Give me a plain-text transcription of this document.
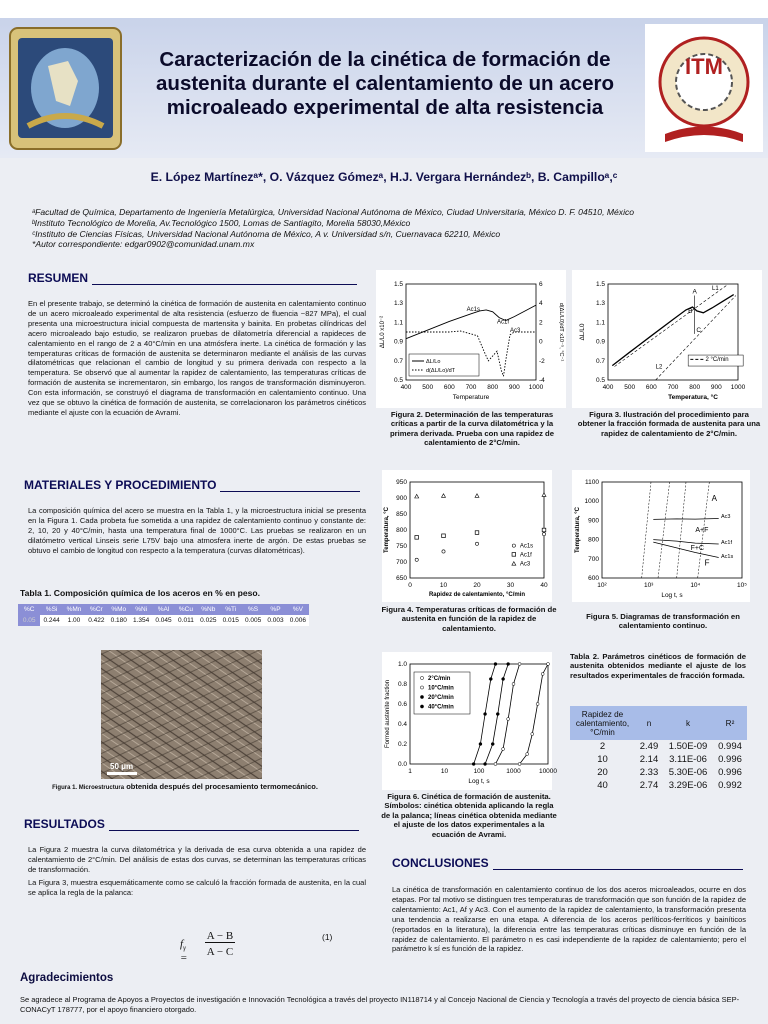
Caracterización de la cinética de formación de austenita durante el calentamiento de un acero microaleado experimental de alta resistencia
ITM
E. López Martínezᵃ*, O. Vázquez Gómezᵃ, H.J. Vergara Hernándezᵇ, B. Campilloᵃ,ᶜ
ᵃFacultad de Química, Departamento de Ingeniería Metalúrgica, Universidad Nacional Autónoma de México, Ciudad Universitaria, México D. F. 04510, México
ᵇInstituto Tecnológico de Morelia, Av.Tecnológico 1500, Lomas de Santiagito, Morelia 58030,México
ᶜInstituto de Ciencias Físicas, Universidad Nacional Autónoma de México, A v. Universidad s/n, Cuernavaca 62210, México
*Autor correspondiente: edgar0902@comunidad.unam.mx
RESUMEN
En el presente trabajo, se determinó la cinética de formación de austenita en calentamiento continuo de un acero microaleado experimental de alta resistencia (esfuerzo de fluencia ~827 MPa), el cual presenta una microestructura inicial compuesta de martensita y bainita. En probetas cilíndricas del acero microaleado bajo estudio, se realizaron pruebas de dilatometría diferencial a rapideces de calentamiento en el rango de 2 a 40°C/min en una atmósfera inerte. La cinética de formación y las temperaturas críticas de formación de austenita se determinaron mediante el análisis de las curvas dilatométricas que relacionan el cambio de longitud y su primera derivada con respecto a la temperatura. Se observó que al aumentar la rapidez de calentamiento, las temperaturas críticas de formación de austenita se incrementaron, sin embargo, los rangos de transformación disminuyeron. Con esta información, se construyó el diagrama de transformación en calentamiento continuo. Una vez que se obtuvo la cinética de formación de austenita, se correlacionaron los parámetros cinéticos mediante el ajuste con la ecuación de Avrami.
MATERIALES Y PROCEDIMIENTO
La composición química del acero se muestra en la Tabla 1, y la microestructura inicial se presenta en la Figura 1. Cada probeta fue sometida a una rapidez de calentamiento continuo y constante de: 2, 10, 20 y 40°C/min, hasta una temperatura final de 1000°C. Las pruebas se realizaron en un dilatómetro vertical Linseis serie L75V bajo una atmosfera inerte de argón. De estas pruebas se obtuvo el cambio de longitud con respecto a la temperatura (curvas dilatométricas).
Tabla 1. Composición química de los aceros en % en peso.
%C	%Si	%Mn	%Cr	%Mo	%Ni	%Al	%Cu	%Nb	%Ti	%S	%P	%V
0.05	0.244	1.00	0.422	0.180	1.354	0.045	0.011	0.025	0.015	0.005	0.003	0.006
50 μm
Figura 1. Microestructura obtenida después del procesamiento termomecánico.
RESULTADOS
La Figura 2 muestra la curva dilatométrica y la derivada de esa curva obtenida a una rapidez de calentamiento de 2°C/min. Del análisis de estas dos curvas, se determinan las temperaturas críticas de transformación.
La Figura 3, muestra esquemáticamente como se calculó la fracción formada de austenita, en la cual se aplica la regla de la palanca:
$f_\gamma$ =
A − B
A − C
(1)
400 500 600 700 800 900 1000
0.5
0.7
0.9
1.1
1.3
1.5
-4
-2
0
2
4
6
Temperature
ΔL/L0 x10⁻²	d(ΔL/L0)/dT x10⁻⁵, °C⁻¹
Ac1s
Ac1f
Ac3
ΔL/Lo
d(ΔL/Lo)/dT
Figura 2. Determinación de las temperaturas críticas a partir de la curva dilatométrica y la primera derivada. Prueba con una rapidez de calentamiento de 2°C/min.
400 500 600 700 800 900 1000
0.5
0.7
0.9
1.1
1.3
1.5
Temperatura, °C
ΔL/L0
A
B
C
L1
L2
2 °C/min
Figura 3. Ilustración del procedimiento para obtener la fracción formada de austenita para una rapidez de calentamiento de 2°C/min.
0	10	20	30	40
650
700
750
800
850
900
950
Rapidez de calentamiento, °C/min
Temperatura, °C	Ac1s
Ac1f
Ac3
Figura 4. Temperaturas críticas de formación de austenita en función de la rapidez de calentamiento.
10²	10³	10⁴	10⁵
600
700
800
900
1000
1100
Log t, s
Temperatura, °C
A
A+F
F+C
F
Ac3
Ac1f
Ac1s
Figura 5. Diagramas de transformación en calentamiento continuo.
1	10	100	1000	10000
0.0
0.2
0.4
0.6
0.8
1.0
Log t, s
Formed austenite fraction
2°C/min
10°C/min
20°C/min
40°C/min
Figura 6. Cinética de formación de austenita. Símbolos: cinética obtenida aplicando la regla de la palanca; líneas cinética obtenida mediante el ajuste de los datos experimentales a la ecuación de Avrami.
Tabla 2. Parámetros cinéticos de formación de austenita obtenidos mediante el ajuste de los resultados experimentales de fracción formada.
Rapidez de calentamiento, °C/min	n	k	R²
2	2.49	1.50E-09	0.994
10	2.14	3.11E-06	0.996
20	2.33	5.30E-06	0.996
40	2.74	3.29E-06	0.992
CONCLUSIONES
La cinética de transformación en calentamiento continuo de los dos aceros microaleados, ocurre en dos etapas. Por tal motivo se distinguen tres temperaturas de transformación que son función de la rapidez de calentamiento: Ac1, Af y Ac3. Con el aumento de la rapidez de calentamiento, la transformación presenta una tendencia a realizarse en una etapa. A diferencia de los aceros perlíticos-ferríticos y bainíticos (reportados en la literatura), la diferencia entre las temperaturas críticas disminuye en función de la rapidez de calentamiento. El parámetro n es casi independiente de la rapidez de calentamiento; pero el parámetro k sí es función de la rapidez.
Agradecimientos
Se agradece al Programa de Apoyos a Proyectos de investigación e Innovación Tecnológica a través del proyecto IN118714 y al Concejo Nacional de Ciencia y Tecnología a través del proyecto de ciencia básica SEP-CONACyT 178777, por el apoyo financiero otorgado.
